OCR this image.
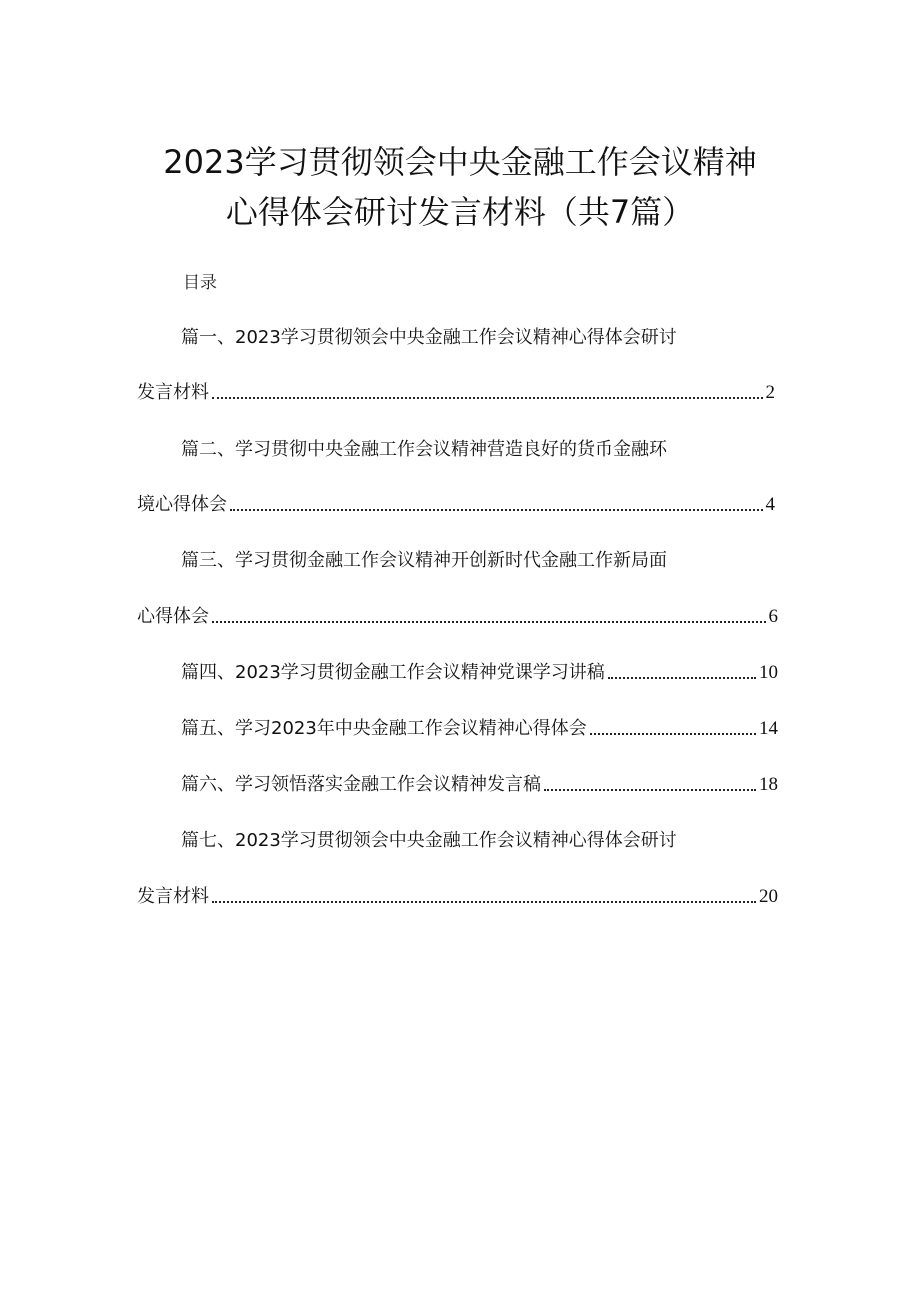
2023学习贯彻领会中央金融工作会议精神
心得体会研讨发言材料（共7篇）
目录
篇一、2023学习贯彻领会中央金融工作会议精神心得体会研讨
发言材料	2
篇二、学习贯彻中央金融工作会议精神营造良好的货币金融环
境心得体会	4
篇三、学习贯彻金融工作会议精神开创新时代金融工作新局面
心得体会	6
篇四、2023学习贯彻金融工作会议精神党课学习讲稿	10
篇五、学习2023年中央金融工作会议精神心得体会	14
篇六、学习领悟落实金融工作会议精神发言稿	18
篇七、2023学习贯彻领会中央金融工作会议精神心得体会研讨
发言材料	20
